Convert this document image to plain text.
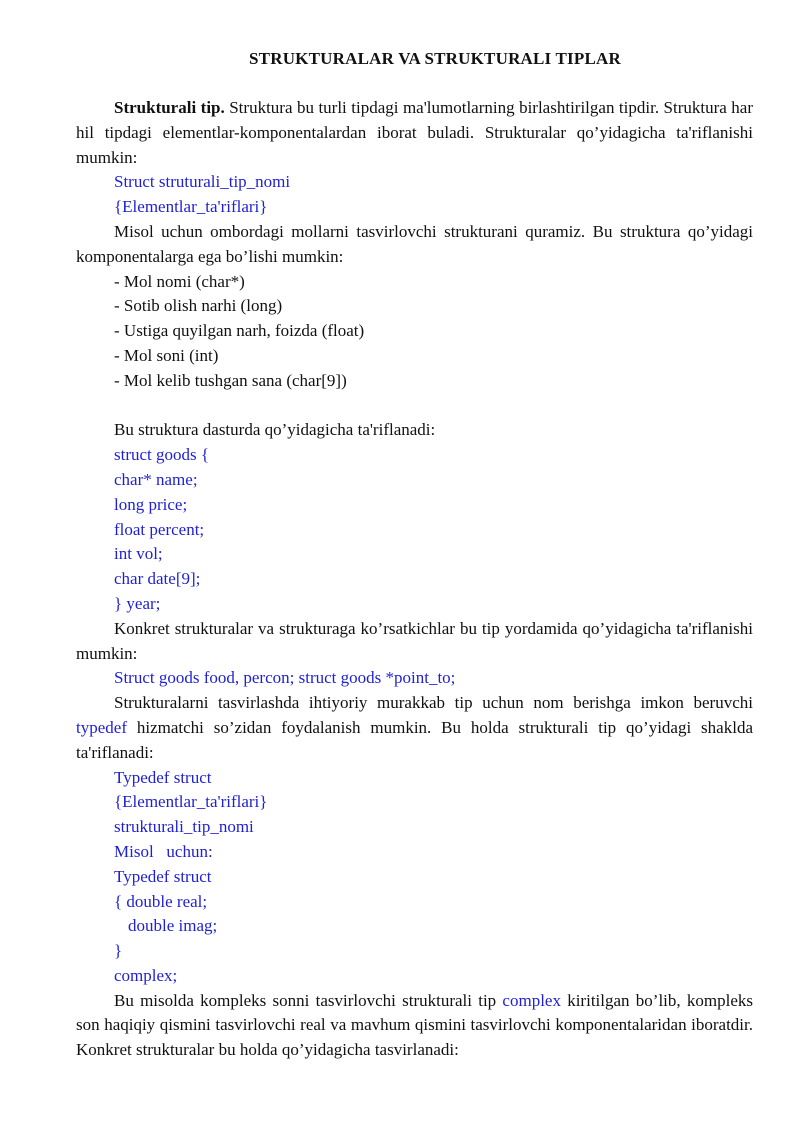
STRUKTURALAR VA STRUKTURALI TIPLAR

Strukturali tip. Struktura bu turli tipdagi ma'lumotlarning birlashtirilgan tipdir. Struktura har hil tipdagi elementlar-komponentalardan iborat buladi. Strukturalar qo’yidagicha ta'riflanishi mumkin:

Struct struturali_tip_nomi

{Elementlar_ta'riflari}

Misol uchun ombordagi mollarni tasvirlovchi strukturani quramiz. Bu struktura qo’yidagi komponentalarga ega bo’lishi mumkin:

- Mol nomi (char*)

- Sotib olish narhi (long)

- Ustiga quyilgan narh, foizda (float)

- Mol soni (int)

- Mol kelib tushgan sana (char[9])

Bu struktura dasturda qo’yidagicha ta'riflanadi:

struct goods {

char* name;

long price;

float percent;

int vol;

char date[9];

} year;

Konkret strukturalar va strukturaga ko’rsatkichlar bu tip yordamida qo’yidagicha ta'riflanishi mumkin:

Struct goods food, percon; struct goods *point_to;

Strukturalarni tasvirlashda ihtiyoriy murakkab tip uchun nom berishga imkon beruvchi typedef hizmatchi so’zidan foydalanish mumkin. Bu holda strukturali tip qo’yidagi shaklda ta'riflanadi:

Typedef struct

{Elementlar_ta'riflari}

strukturali_tip_nomi

Misol   uchun:

Typedef struct

{ double real;

double imag;

}

complex;

Bu misolda kompleks sonni tasvirlovchi strukturali tip complex kiritilgan bo’lib, kompleks son haqiqiy qismini tasvirlovchi real va mavhum qismini tasvirlovchi komponentalaridan iboratdir. Konkret strukturalar bu holda qo’yidagicha tasvirlanadi:
